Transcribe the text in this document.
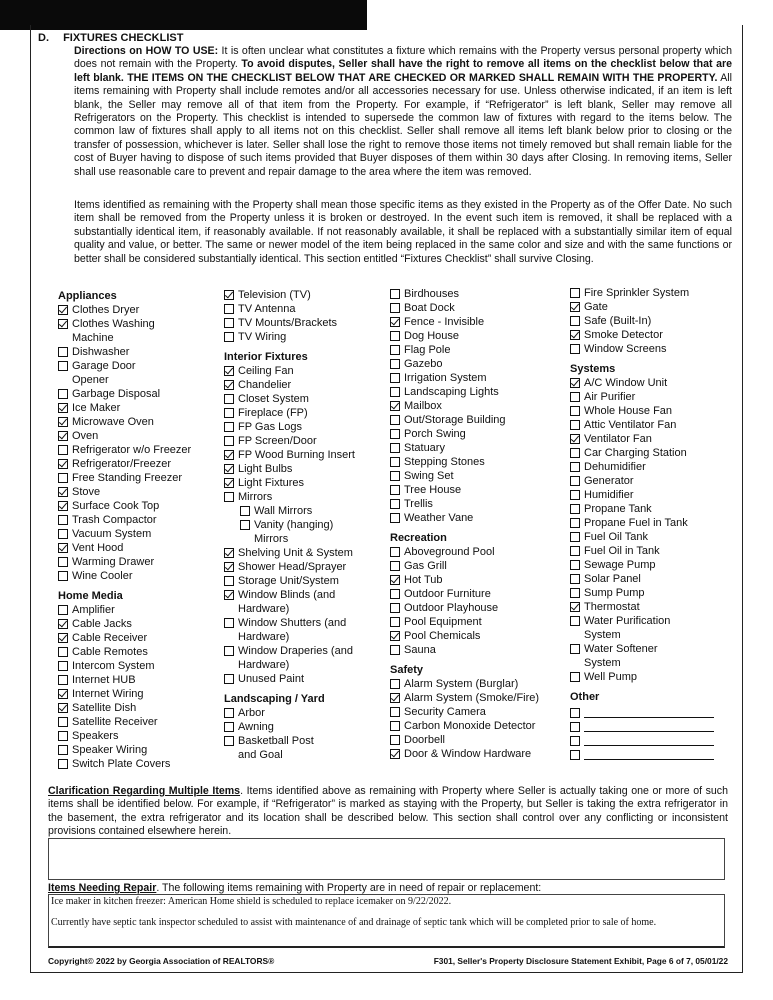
D. FIXTURES CHECKLIST
Directions on HOW TO USE: It is often unclear what constitutes a fixture which remains with the Property versus personal property which does not remain with the Property. To avoid disputes, Seller shall have the right to remove all items on the checklist below that are left blank. THE ITEMS ON THE CHECKLIST BELOW THAT ARE CHECKED OR MARKED SHALL REMAIN WITH THE PROPERTY. All items remaining with Property shall include remotes and/or all accessories necessary for use. Unless otherwise indicated, if an item is left blank, the Seller may remove all of that item from the Property. For example, if “Refrigerator” is left blank, Seller may remove all Refrigerators on the Property. This checklist is intended to supersede the common law of fixtures with regard to the items below. The common law of fixtures shall apply to all items not on this checklist. Seller shall remove all items left blank below prior to closing or the transfer of possession, whichever is later. Seller shall lose the right to remove those items not timely removed but shall remain liable for the cost of Buyer having to dispose of such items provided that Buyer disposes of them within 30 days after Closing. In removing items, Seller shall use reasonable care to prevent and repair damage to the area where the item was removed.
Items identified as remaining with the Property shall mean those specific items as they existed in the Property as of the Offer Date. No such item shall be removed from the Property unless it is broken or destroyed. In the event such item is removed, it shall be replaced with a substantially identical item, if reasonably available. If not reasonably available, it shall be replaced with a substantially similar item of equal quality and value, or better. The same or newer model of the item being replaced in the same color and size and with the same functions or better shall be considered substantially identical. This section entitled “Fixtures Checklist” shall survive Closing.
Appliances
Clothes Dryer
Clothes Washing
Machine
Dishwasher
Garage Door
Opener
Garbage Disposal
Ice Maker
Microwave Oven
Oven
Refrigerator w/o Freezer
Refrigerator/Freezer
Free Standing Freezer
Stove
Surface Cook Top
Trash Compactor
Vacuum System
Vent Hood
Warming Drawer
Wine Cooler
Home Media
Amplifier
Cable Jacks
Cable Receiver
Cable Remotes
Intercom System
Internet HUB
Internet Wiring
Satellite Dish
Satellite Receiver
Speakers
Speaker Wiring
Switch Plate Covers
Television (TV)
TV Antenna
TV Mounts/Brackets
TV Wiring
Interior Fixtures
Ceiling Fan
Chandelier
Closet System
Fireplace (FP)
FP Gas Logs
FP Screen/Door
FP Wood Burning Insert
Light Bulbs
Light Fixtures
Mirrors
Wall Mirrors
Vanity (hanging)
Mirrors
Shelving Unit & System
Shower Head/Sprayer
Storage Unit/System
Window Blinds (and
Hardware)
Window Shutters (and
Hardware)
Window Draperies (and
Hardware)
Unused Paint
Landscaping / Yard
Arbor
Awning
Basketball Post
and Goal
Birdhouses
Boat Dock
Fence - Invisible
Dog House
Flag Pole
Gazebo
Irrigation System
Landscaping Lights
Mailbox
Out/Storage Building
Porch Swing
Statuary
Stepping Stones
Swing Set
Tree House
Trellis
Weather Vane
Recreation
Aboveground Pool
Gas Grill
Hot Tub
Outdoor Furniture
Outdoor Playhouse
Pool Equipment
Pool Chemicals
Sauna
Safety
Alarm System (Burglar)
Alarm System (Smoke/Fire)
Security Camera
Carbon Monoxide Detector
Doorbell
Door & Window Hardware
Fire Sprinkler System
Gate
Safe (Built-In)
Smoke Detector
Window Screens
Systems
A/C Window Unit
Air Purifier
Whole House Fan
Attic Ventilator Fan
Ventilator Fan
Car Charging Station
Dehumidifier
Generator
Humidifier
Propane Tank
Propane Fuel in Tank
Fuel Oil Tank
Fuel Oil in Tank
Sewage Pump
Solar Panel
Sump Pump
Thermostat
Water Purification
System
Water Softener
System
Well Pump
Other
Clarification Regarding Multiple Items. Items identified above as remaining with Property where Seller is actually taking one or more of such items shall be identified below. For example, if “Refrigerator” is marked as staying with the Property, but Seller is taking the extra refrigerator in the basement, the extra refrigerator and its location shall be described below. This section shall control over any conflicting or inconsistent provisions contained elsewhere herein.
Items Needing Repair. The following items remaining with Property are in need of repair or replacement:

Ice maker in kitchen freezer: American Home shield is scheduled to replace icemaker on 9/22/2022.

Currently have septic tank inspector scheduled to assist with maintenance of and drainage of septic tank which will be completed prior to sale of home.

Copyright© 2022 by Georgia Association of REALTORS®	F301, Seller's Property Disclosure Statement Exhibit, Page 6 of 7, 05/01/22
